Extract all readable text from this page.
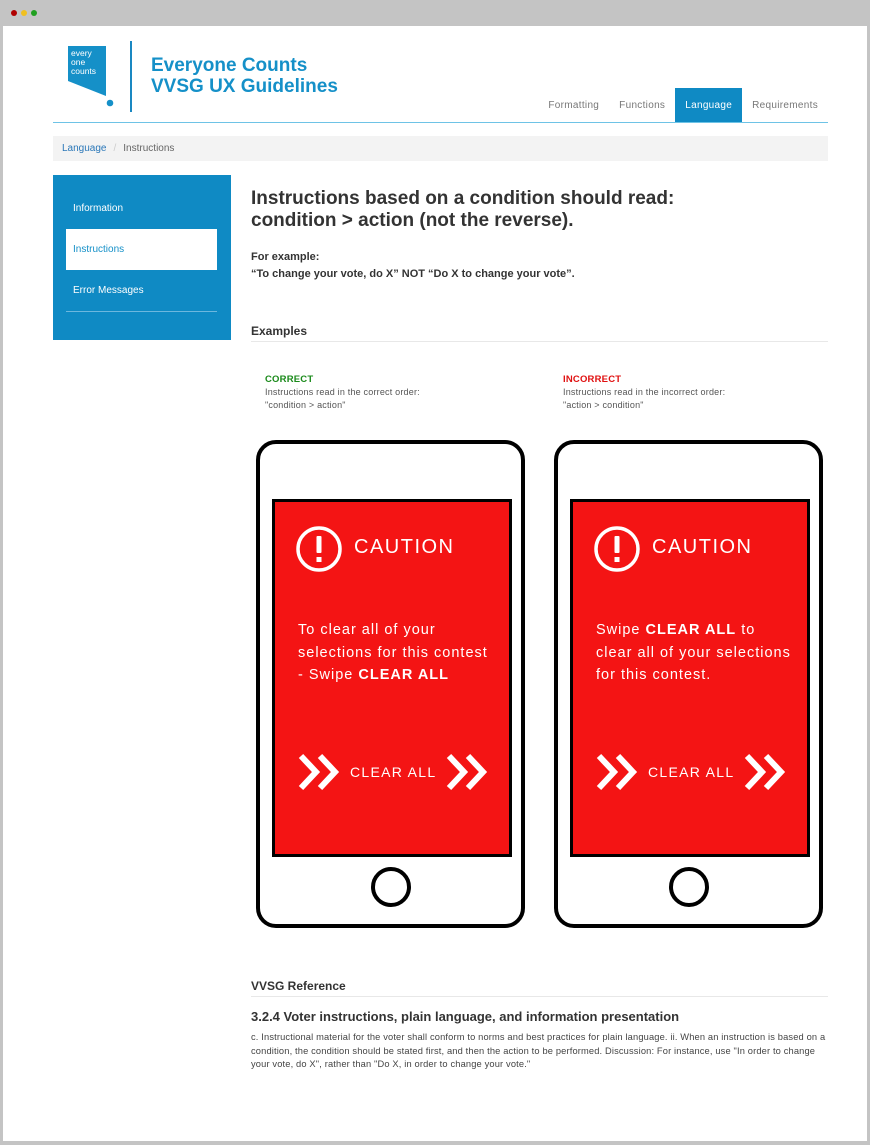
every
one
counts	Everyone Counts
VVSG UX Guidelines
Formatting	Functions	Language	Requirements
Language / Instructions
Information
Instructions
Error Messages
Instructions based on a condition should read:
condition > action (not the reverse).
For example:
“To change your vote, do X” NOT “Do X to change your vote”.
Examples
CORRECT
Instructions read in the correct order:
"condition > action"
INCORRECT
Instructions read in the incorrect order:
"action > condition"
CAUTION
To clear all of your selections for this contest - Swipe CLEAR ALL
CLEAR ALL
CAUTION
Swipe CLEAR ALL to clear all of your selections for this contest.
CLEAR ALL
VVSG Reference
3.2.4 Voter instructions, plain language, and information presentation
c. Instructional material for the voter shall conform to norms and best practices for plain language. ii. When an instruction is based on a condition, the condition should be stated first, and then the action to be performed. Discussion: For instance, use "In order to change your vote, do X", rather than "Do X, in order to change your vote."
